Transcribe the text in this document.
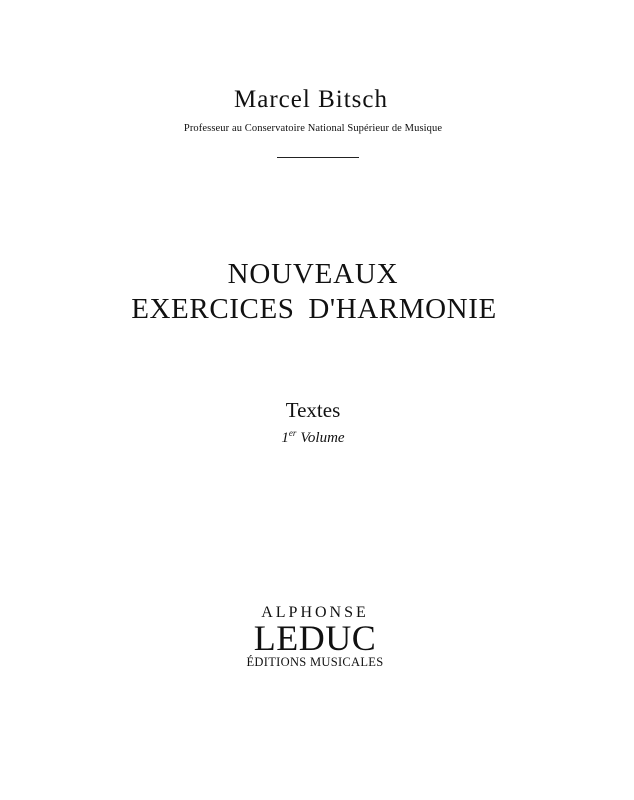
Marcel Bitsch
Professeur au Conservatoire National Supérieur de Musique
NOUVEAUX
EXERCICES D'HARMONIE
Textes
1er Volume
ALPHONSE
LEDUC
ÉDITIONS MUSICALES
